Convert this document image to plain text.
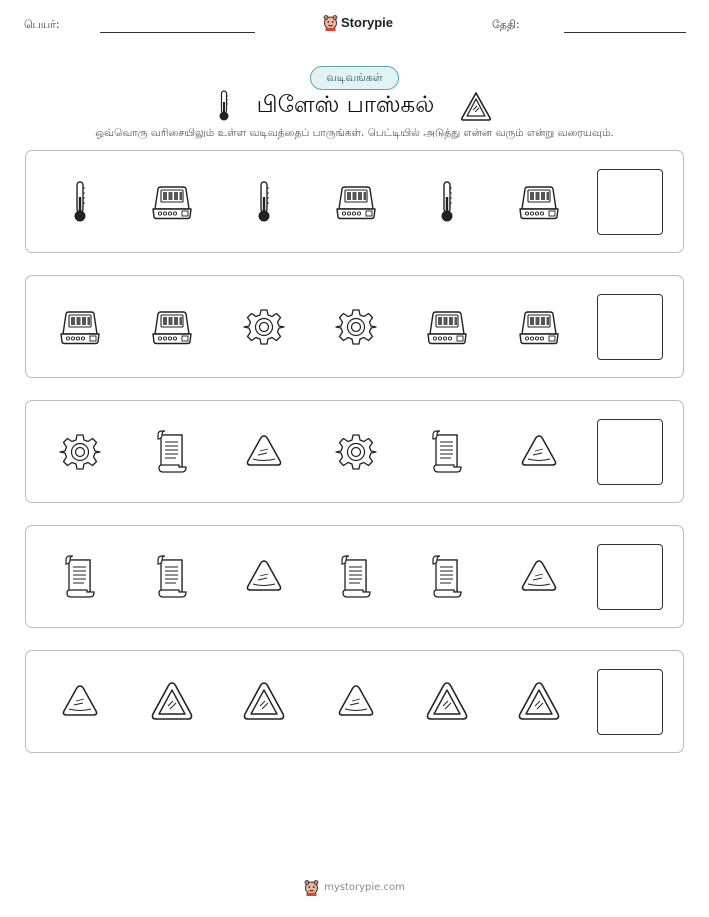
பெயர்:	Storypie	தேதி:
வடிவங்கள்
பிளேஸ் பாஸ்கல்
ஒவ்வொரு வரிசையிலும் உள்ள வடிவத்தைப் பாருங்கள். பெட்டியில் அடுத்து என்ன வரும் என்று வரையவும்.
mystorypie.com
